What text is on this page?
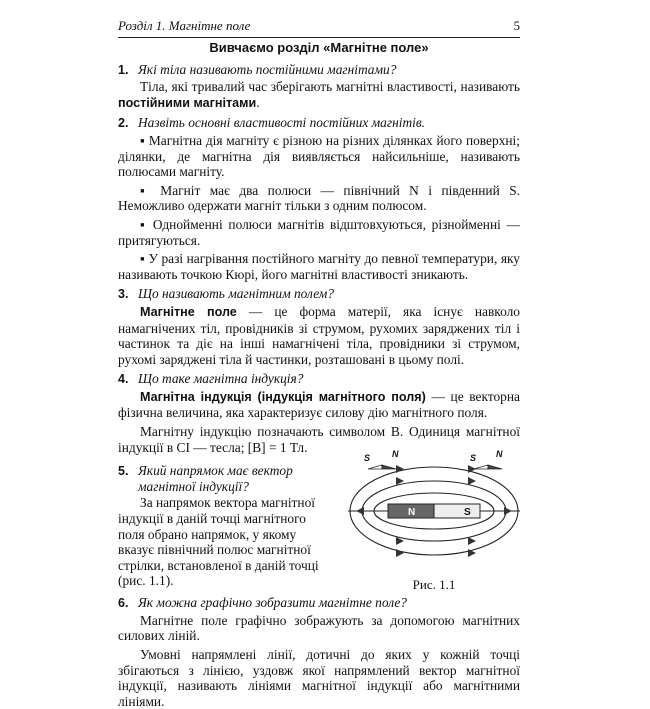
Розділ 1. Магнітне поле	5
Вивчаємо розділ «Магнітне поле»
1. Які тіла називають постійними магнітами?

Тіла, які тривалий час зберігають магнітні властивості, називають постійними магнітами.

2. Назвіть основні властивості постійних магнітів.

▪ Магнітна дія магніту є різною на різних ділянках його поверхні; ділянки, де магнітна дія виявляється найсильніше, називають полюсами магніту.

▪ Магніт має два полюси — північний N і південний S. Неможливо одержати магніт тільки з одним полюсом.

▪ Однойменні полюси магнітів відштовхуються, різнойменні — притягуються.

▪ У разі нагрівання постійного магніту до певної температури, яку називають точкою Кюрі, його магнітні властивості зникають.

3. Що називають магнітним полем?

Магнітне поле — це форма матерії, яка існує навколо намагнічених тіл, провідників зі струмом, рухомих заряджених тіл і частинок та діє на інші намагнічені тіла, провідники зі струмом, рухомі заряджені тіла й частинки, розташовані в цьому полі.

4. Що таке магнітна індукція?

Магнітна індукція (індукція магнітного поля) — це векторна фізична величина, яка характеризує силову дію магнітного поля.

Магнітну індукцію позначають символом B. Одиниця магнітної індукції в СІ — тесла; [B] = 1 Тл.

5. Який напрямок має вектор магнітної індукції?

За напрямок вектора магнітної індукції в даній точці магнітного поля обрано напрямок, у якому вказує північний полюс магнітної стрілки, встановленої в даній точці (рис. 1.1).

N	S
S N	S N
Рис. 1.1
6. Як можна графічно зобразити магнітне поле?

Магнітне поле графічно зображують за допомогою магнітних силових ліній.

Умовні напрямлені лінії, дотичні до яких у кожній точці збігаються з лінією, уздовж якої напрямлений вектор магнітної індукції, називають лініями магнітної індукції або магнітними лініями.
